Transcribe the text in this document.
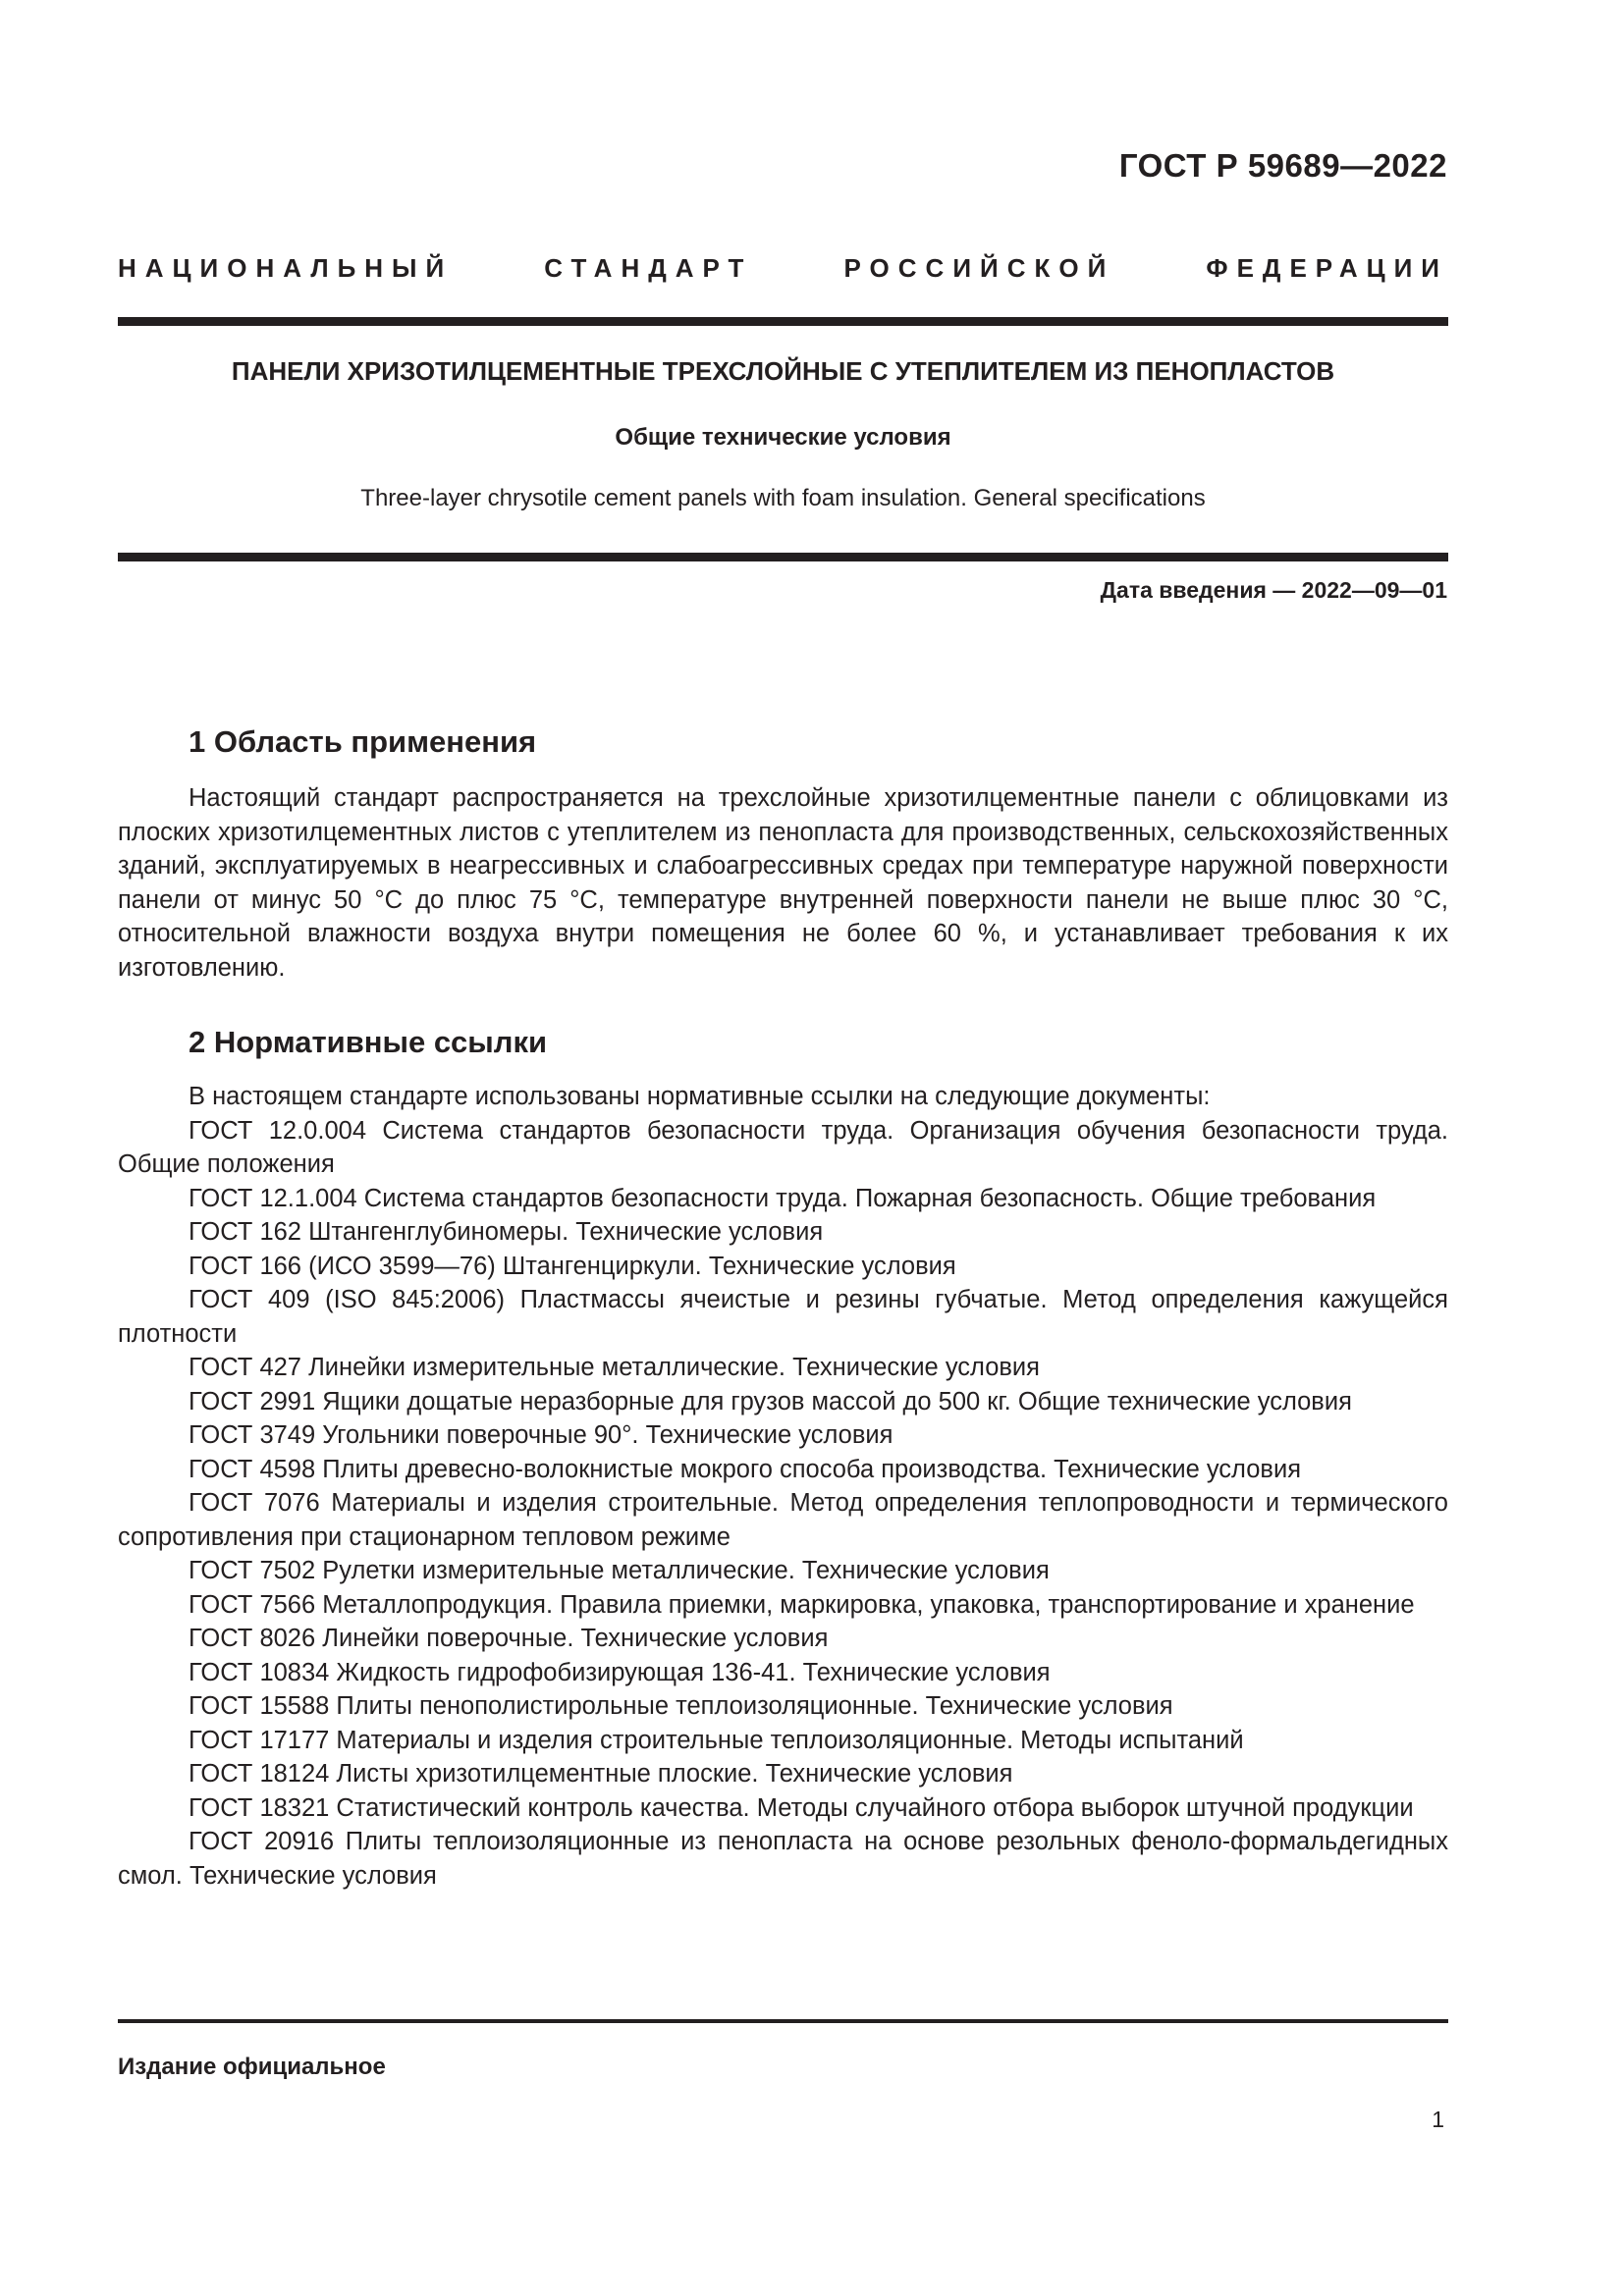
ГОСТ Р 59689—2022
НАЦИОНАЛЬНЫЙ СТАНДАРТ РОССИЙСКОЙ ФЕДЕРАЦИИ
ПАНЕЛИ ХРИЗОТИЛЦЕМЕНТНЫЕ ТРЕХСЛОЙНЫЕ С УТЕПЛИТЕЛЕМ ИЗ ПЕНОПЛАСТОВ
Общие технические условия
Three-layer chrysotile cement panels with foam insulation. General specifications
Дата введения — 2022—09—01
1 Область применения

Настоящий стандарт распространяется на трехслойные хризотилцементные панели с облицовками из плоских хризотилцементных листов с утеплителем из пенопласта для производственных, сельскохозяйственных зданий, эксплуатируемых в неагрессивных и слабоагрессивных средах при температуре наружной поверхности панели от минус 50 °С до плюс 75 °С, температуре внутренней поверхности панели не выше плюс 30 °С, относительной влажности воздуха внутри помещения не более 60 %, и устанавливает требования к их изготовлению.

2 Нормативные ссылки

В настоящем стандарте использованы нормативные ссылки на следующие документы:

ГОСТ 12.0.004 Система стандартов безопасности труда. Организация обучения безопасности труда. Общие положения

ГОСТ 12.1.004 Система стандартов безопасности труда. Пожарная безопасность. Общие требования

ГОСТ 162 Штангенглубиномеры. Технические условия

ГОСТ 166 (ИСО 3599—76) Штангенциркули. Технические условия

ГОСТ 409 (ISO 845:2006) Пластмассы ячеистые и резины губчатые. Метод определения кажущейся плотности

ГОСТ 427 Линейки измерительные металлические. Технические условия

ГОСТ 2991 Ящики дощатые неразборные для грузов массой до 500 кг. Общие технические условия

ГОСТ 3749 Угольники поверочные 90°. Технические условия

ГОСТ 4598 Плиты древесно-волокнистые мокрого способа производства. Технические условия

ГОСТ 7076 Материалы и изделия строительные. Метод определения теплопроводности и термического сопротивления при стационарном тепловом режиме

ГОСТ 7502 Рулетки измерительные металлические. Технические условия

ГОСТ 7566 Металлопродукция. Правила приемки, маркировка, упаковка, транспортирование и хранение

ГОСТ 8026 Линейки поверочные. Технические условия

ГОСТ 10834 Жидкость гидрофобизирующая 136-41. Технические условия

ГОСТ 15588 Плиты пенополистирольные теплоизоляционные. Технические условия

ГОСТ 17177 Материалы и изделия строительные теплоизоляционные. Методы испытаний

ГОСТ 18124 Листы хризотилцементные плоские. Технические условия

ГОСТ 18321 Статистический контроль качества. Методы случайного отбора выборок штучной продукции

ГОСТ 20916 Плиты теплоизоляционные из пенопласта на основе резольных феноло-формальдегидных смол. Технические условия

Издание официальное
1
